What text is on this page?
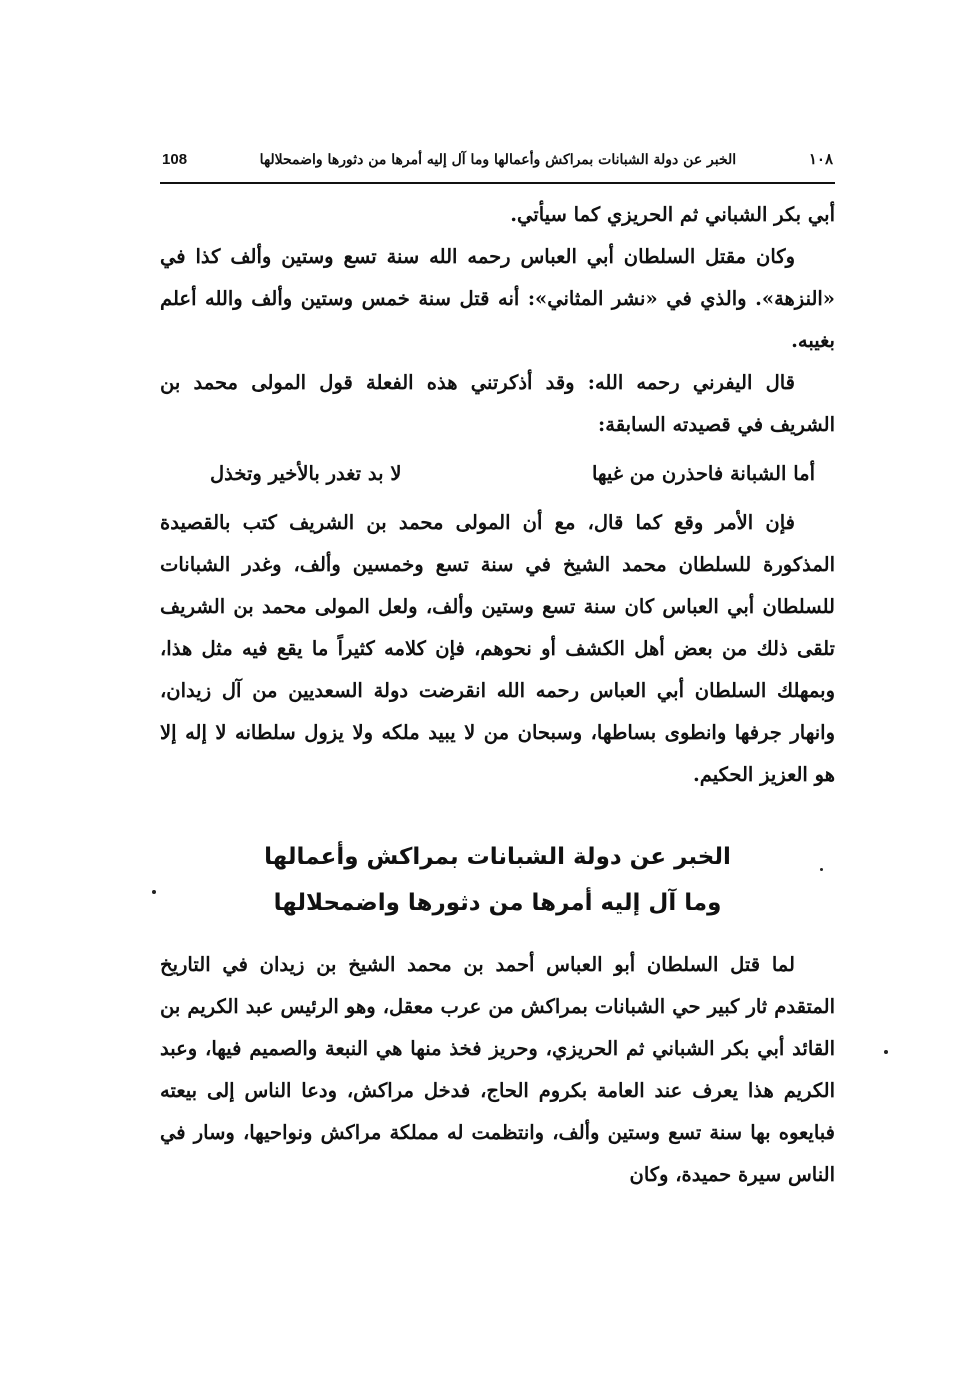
١٠٨
الخبر عن دولة الشبانات بمراكش وأعمالها وما آل إليه أمرها من دثورها واضمحلالها
108

أبي بكر الشباني ثم الحريزي كما سيأتي.

وكان مقتل السلطان أبي العباس رحمه الله سنة تسع وستين وألف كذا في «النزهة». والذي في «نشر المثاني»: أنه قتل سنة خمس وستين وألف والله أعلم بغيبه.

قال اليفرني رحمه الله: وقد أذكرتني هذه الفعلة قول المولى محمد بن الشريف في قصيدته السابقة:

أما الشبانة فاحذرن من غيها
لا بد تغدر بالأخير وتخذل

فإن الأمر وقع كما قال، مع أن المولى محمد بن الشريف كتب بالقصيدة المذكورة للسلطان محمد الشيخ في سنة تسع وخمسين وألف، وغدر الشبانات للسلطان أبي العباس كان سنة تسع وستين وألف، ولعل المولى محمد بن الشريف تلقى ذلك من بعض أهل الكشف أو نحوهم، فإن كلامه كثيراً ما يقع فيه مثل هذا، وبمهلك السلطان أبي العباس رحمه الله انقرضت دولة السعديين من آل زيدان، وانهار جرفها وانطوى بساطها، وسبحان من لا يبيد ملكه ولا يزول سلطانه لا إله إلا هو العزيز الحكيم.

الخبر عن دولة الشبانات بمراكش وأعمالها
وما آل إليه أمرها من دثورها واضمحلالها

لما قتل السلطان أبو العباس أحمد بن محمد الشيخ بن زيدان في التاريخ المتقدم ثار كبير حي الشبانات بمراكش من عرب معقل، وهو الرئيس عبد الكريم بن القائد أبي بكر الشباني ثم الحريزي، وحريز فخذ منها هي النبعة والصميم فيها، وعبد الكريم هذا يعرف عند العامة بكروم الحاج، فدخل مراكش، ودعا الناس إلى بيعته فبايعوه بها سنة تسع وستين وألف، وانتظمت له مملكة مراكش ونواحيها، وسار في الناس سيرة حميدة، وكان
